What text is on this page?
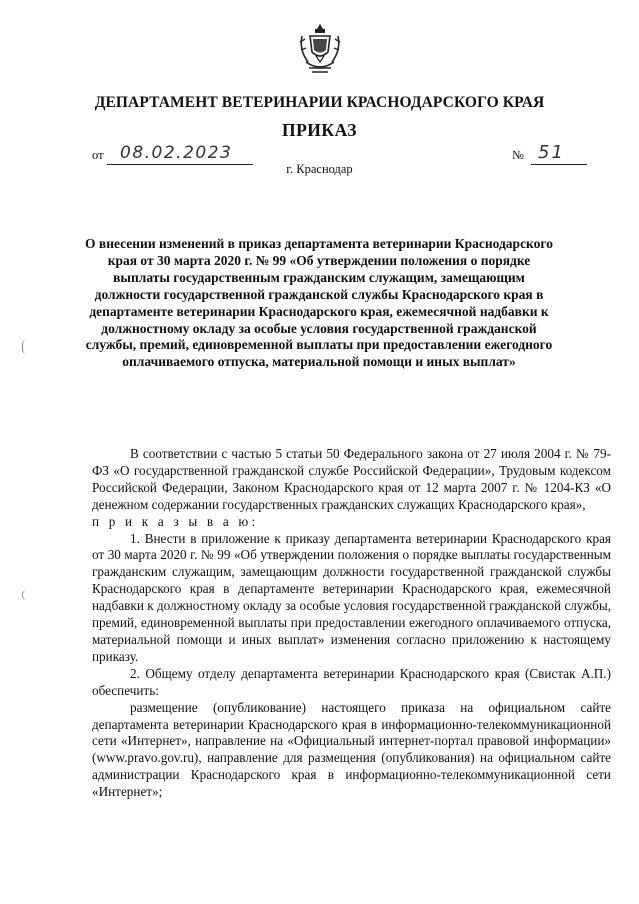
ДЕПАРТАМЕНТ ВЕТЕРИНАРИИ КРАСНОДАРСКОГО КРАЯ
ПРИКАЗ
от 08.02.2023	№ 51
г. Краснодар
О внесении изменений в приказ департамента ветеринарии Краснодарского края от 30 марта 2020 г. № 99 «Об утверждении положения о порядке выплаты государственным гражданским служащим, замещающим должности государственной гражданской службы Краснодарского края в департаменте ветеринарии Краснодарского края, ежемесячной надбавки к должностному окладу за особые условия государственной гражданской службы, премий, единовременной выплаты при предоставлении ежегодного оплачиваемого отпуска, материальной помощи и иных выплат»

В соответствии с частью 5 статьи 50 Федерального закона от 27 июля 2004 г. № 79-ФЗ «О государственной гражданской службе Российской Федерации», Трудовым кодексом Российской Федерации, Законом Краснодарского края от 12 марта 2007 г. № 1204-КЗ «О денежном содержании государственных гражданских служащих Краснодарского края»,

п р и к а з ы в а ю:

1. Внести в приложение к приказу департамента ветеринарии Краснодарского края от 30 марта 2020 г. № 99 «Об утверждении положения о порядке выплаты государственным гражданским служащим, замещающим должности государственной гражданской службы Краснодарского края в департаменте ветеринарии Краснодарского края, ежемесячной надбавки к должностному окладу за особые условия государственной гражданской службы, премий, единовременной выплаты при предоставлении ежегодного оплачиваемого отпуска, материальной помощи и иных выплат» изменения согласно приложению к настоящему приказу.

2. Общему отделу департамента ветеринарии Краснодарского края (Свистак А.П.) обеспечить:

размещение (опубликование) настоящего приказа на официальном сайте департамента ветеринарии Краснодарского края в информационно-телекоммуникационной сети «Интернет», направление на «Официальный интернет-портал правовой информации» (www.pravo.gov.ru), направление для размещения (опубликования) на официальном сайте администрации Краснодарского края в информационно-телекоммуникационной сети «Интернет»;
